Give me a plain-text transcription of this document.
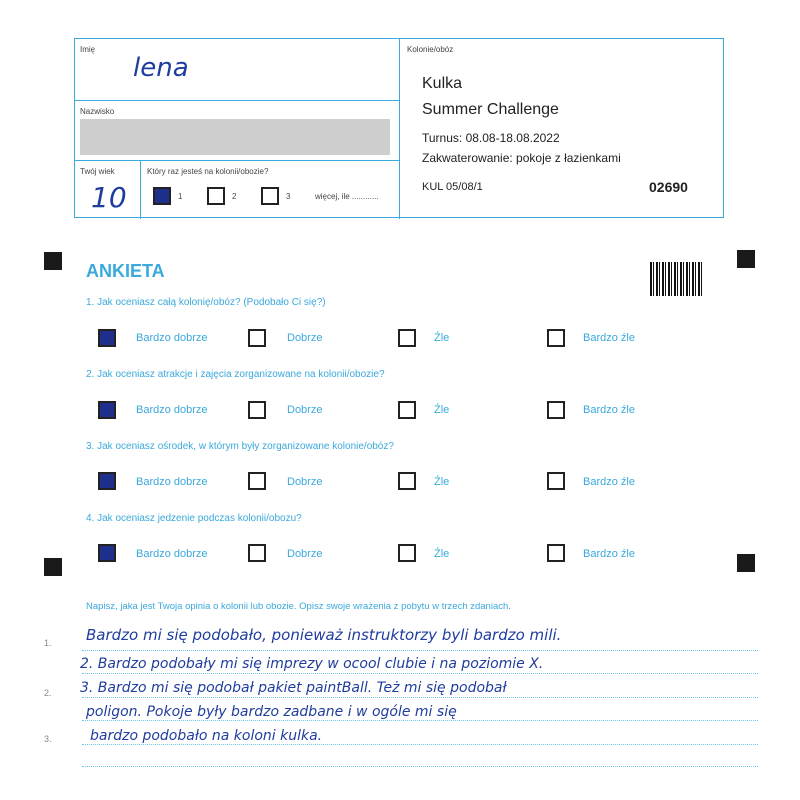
Imię
lena
Nazwisko
Twój wiek
10
Który raz jesteś na kolonii/obozie?
1	2	3	więcej, ile ............
Kolonie/obóz
Kulka
Summer Challenge
Turnus: 08.08-18.08.2022
Zakwaterowanie: pokoje z łazienkami
KUL 05/08/1	02690
ANKIETA
1. Jak oceniasz całą kolonię/obóz? (Podobało Ci się?)
Bardzo dobrze	Dobrze	Źle	Bardzo źle
2. Jak oceniasz atrakcje i zajęcia zorganizowane na kolonii/obozie?
Bardzo dobrze	Dobrze	Źle	Bardzo źle
3. Jak oceniasz ośrodek, w którym były zorganizowane kolonie/obóz?
Bardzo dobrze	Dobrze	Źle	Bardzo źle
4. Jak oceniasz jedzenie podczas kolonii/obozu?
Bardzo dobrze	Dobrze	Źle	Bardzo źle
Napisz, jaka jest Twoja opinia o kolonii lub obozie. Opisz swoje wrażenia z pobytu w trzech zdaniach.
1.
2.
3.
Bardzo mi się podobało, ponieważ instruktorzy byli bardzo mili.
2. Bardzo podobały mi się imprezy w ocool clubie i na poziomie X.
3. Bardzo mi się podobał pakiet paintBall. Też mi się podobał
poligon. Pokoje były bardzo zadbane i w ogóle mi się
bardzo podobało na koloni kulka.
